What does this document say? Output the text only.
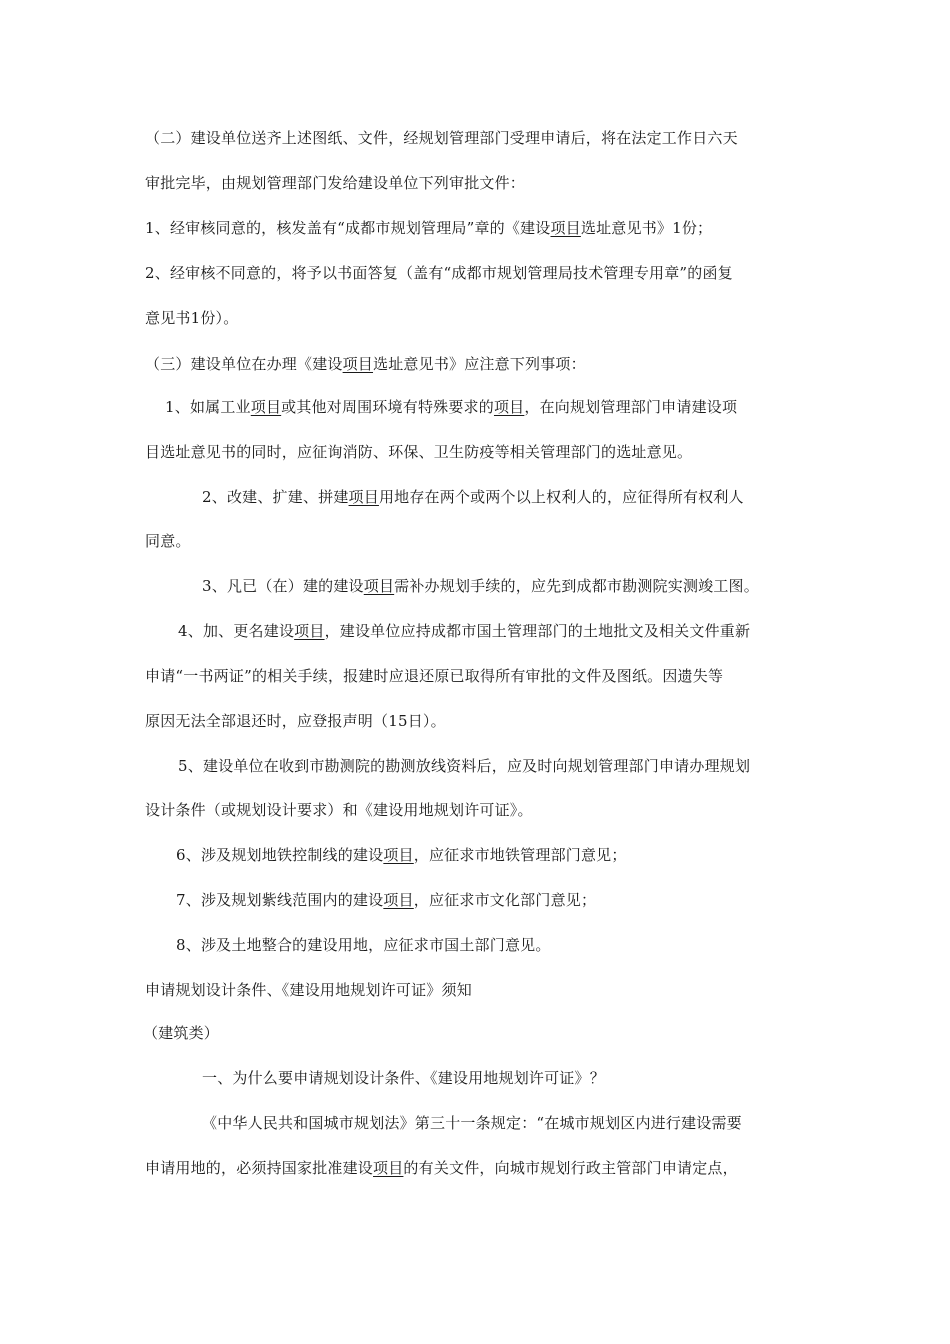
（二）建设单位送齐上述图纸、文件，经规划管理部门受理申请后，将在法定工作日六天
审批完毕，由规划管理部门发给建设单位下列审批文件：
1、经审核同意的，核发盖有“成都市规划管理局”章的《建设项目选址意见书》1份；
2、经审核不同意的，将予以书面答复（盖有“成都市规划管理局技术管理专用章”的函复
意见书1份）。
（三）建设单位在办理《建设项目选址意见书》应注意下列事项：
1、如属工业项目或其他对周围环境有特殊要求的项目，在向规划管理部门申请建设项
目选址意见书的同时，应征询消防、环保、卫生防疫等相关管理部门的选址意见。
2、改建、扩建、拼建项目用地存在两个或两个以上权利人的，应征得所有权利人
同意。
3、凡已（在）建的建设项目需补办规划手续的，应先到成都市勘测院实测竣工图。
4、加、更名建设项目，建设单位应持成都市国土管理部门的土地批文及相关文件重新
申请“一书两证”的相关手续，报建时应退还原已取得所有审批的文件及图纸。因遗失等
原因无法全部退还时，应登报声明（15日）。
5、建设单位在收到市勘测院的勘测放线资料后，应及时向规划管理部门申请办理规划
设计条件（或规划设计要求）和《建设用地规划许可证》。
6、涉及规划地铁控制线的建设项目，应征求市地铁管理部门意见；
7、涉及规划紫线范围内的建设项目，应征求市文化部门意见；
8、涉及土地整合的建设用地，应征求市国土部门意见。
申请规划设计条件、《建设用地规划许可证》须知
（建筑类）
一、为什么要申请规划设计条件、《建设用地规划许可证》？
《中华人民共和国城市规划法》第三十一条规定：“在城市规划区内进行建设需要
申请用地的，必须持国家批准建设项目的有关文件，向城市规划行政主管部门申请定点，
